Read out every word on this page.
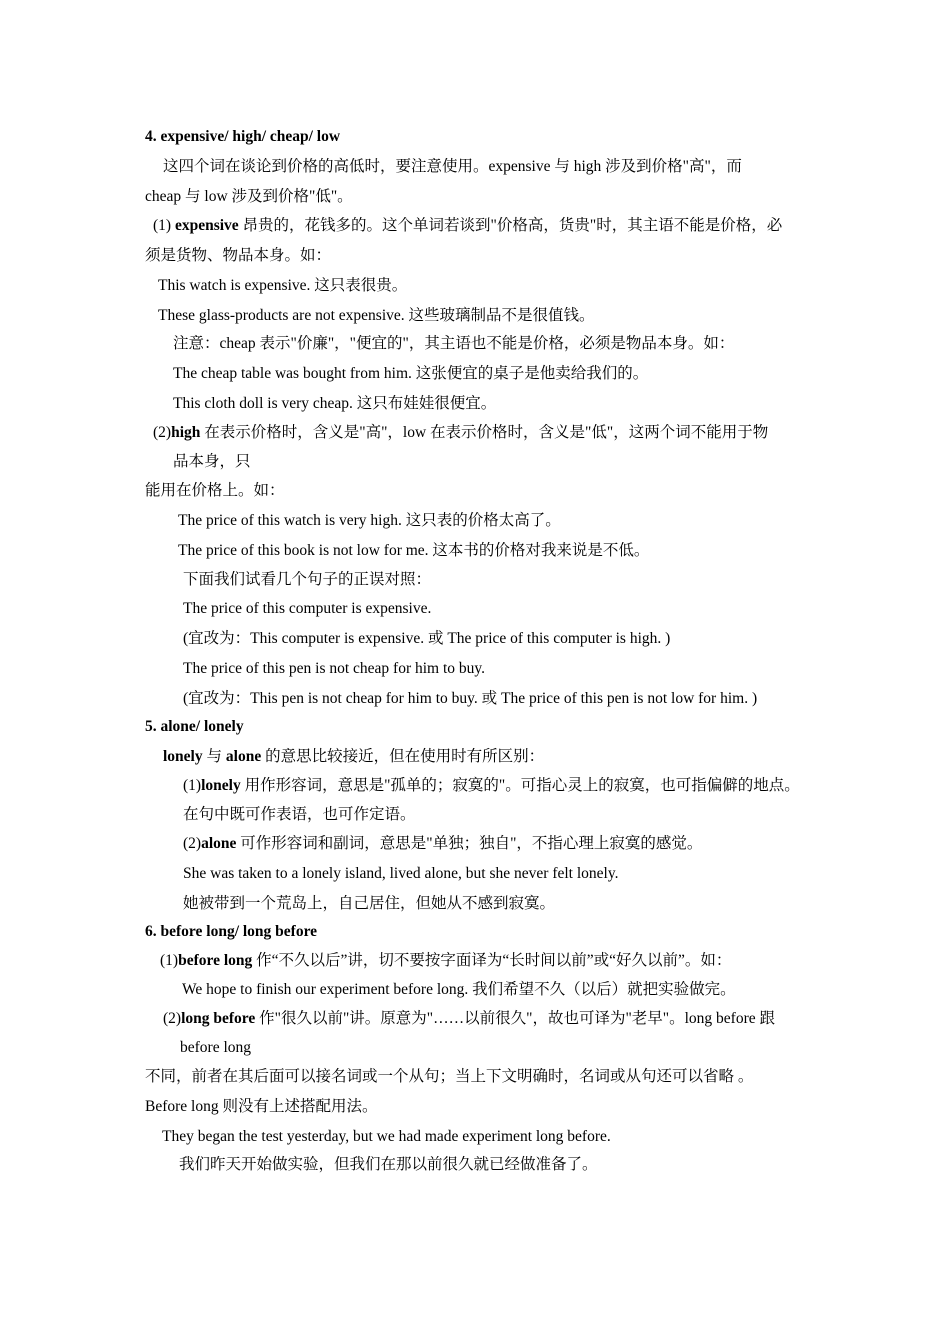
4. expensive/ high/ cheap/ low
这四个词在谈论到价格的高低时，要注意使用。expensive 与 high 涉及到价格"高"，而
cheap 与 low 涉及到价格"低"。
(1) expensive 昂贵的，花钱多的。这个单词若谈到"价格高，货贵"时，其主语不能是价格，必
须是货物、物品本身。如：
This watch is expensive. 这只表很贵。
These glass-products are not expensive. 这些玻璃制品不是很值钱。
注意：cheap 表示"价廉"，"便宜的"，其主语也不能是价格，必须是物品本身。如：
The cheap table was bought from him. 这张便宜的桌子是他卖给我们的。
This cloth doll is very cheap. 这只布娃娃很便宜。
(2)high 在表示价格时，含义是"高"，low 在表示价格时，含义是"低"，这两个词不能用于物
品本身，只
能用在价格上。如：
The price of this watch is very high. 这只表的价格太高了。
The price of this book is not low for me. 这本书的价格对我来说是不低。
下面我们试看几个句子的正误对照：
The price of this computer is expensive.
(宜改为：This computer is expensive. 或 The price of this computer is high. )
The price of this pen is not cheap for him to buy.
(宜改为：This pen is not cheap for him to buy. 或 The price of this pen is not low for him. )
5. alone/ lonely
lonely 与 alone 的意思比较接近，但在使用时有所区别：
(1)lonely 用作形容词，意思是"孤单的；寂寞的"。可指心灵上的寂寞，也可指偏僻的地点。
在句中既可作表语，也可作定语。
(2)alone 可作形容词和副词，意思是"单独；独自"，不指心理上寂寞的感觉。
She was taken to a lonely island, lived alone, but she never felt lonely.
她被带到一个荒岛上，自己居住，但她从不感到寂寞。
6. before long/ long before
(1)before long 作“不久以后”讲，切不要按字面译为“长时间以前”或“好久以前”。如：
We hope to finish our experiment before long. 我们希望不久（以后）就把实验做完。
(2)long before 作"很久以前"讲。原意为"……以前很久"，故也可译为"老早"。long before 跟
before long
不同，前者在其后面可以接名词或一个从句；当上下文明确时，名词或从句还可以省略 。
Before long 则没有上述搭配用法。
They began the test yesterday, but we had made experiment long before.
我们昨天开始做实验，但我们在那以前很久就已经做准备了。
